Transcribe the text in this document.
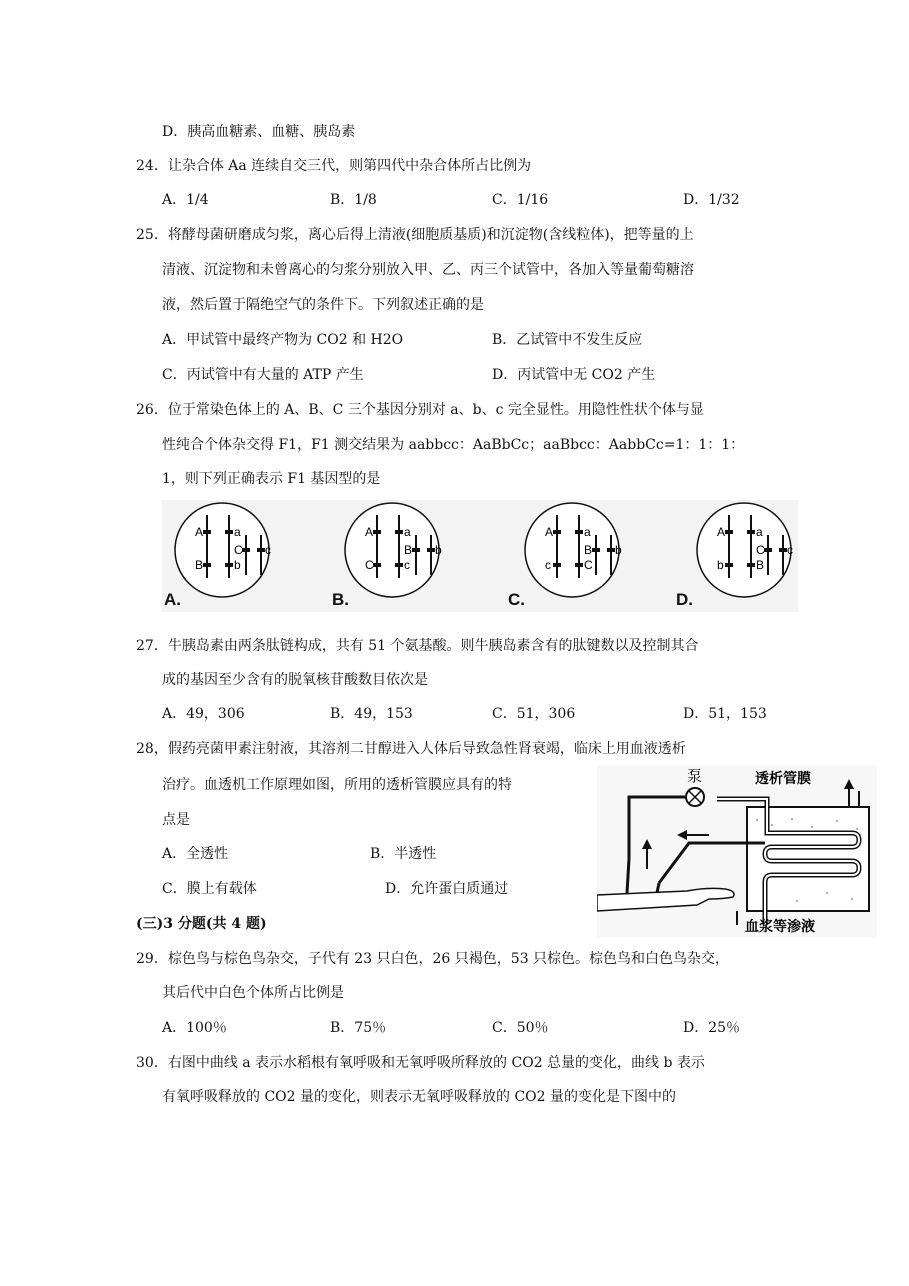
D．胰高血糖素、血糖、胰岛素
24．让杂合体 Aa 连续自交三代，则第四代中杂合体所占比例为
A．1/4	B．1/8	C．1/16	D．1/32
25．将酵母菌研磨成匀浆，离心后得上清液(细胞质基质)和沉淀物(含线粒体)，把等量的上
清液、沉淀物和未曾离心的匀浆分别放入甲、乙、丙三个试管中，各加入等量葡萄糖溶
液，然后置于隔绝空气的条件下。下列叙述正确的是
A．甲试管中最终产物为 CO2 和 H2O	B．乙试管中不发生反应
C．丙试管中有大量的 ATP 产生	D．丙试管中无 CO2 产生
26．位于常染色体上的 A、B、C 三个基因分别对 a、b、c 完全显性。用隐性性状个体与显
性纯合个体杂交得 F1，F1 测交结果为 aabbcc：AaBbCc；aaBbcc：AabbCc=1：1：1：
1，则下列正确表示 F1 基因型的是
A	a
B	b
C c
A	a
C	c
B b
A	a
c	C
B b
A	a
b	B
C c
A.	B.	C.	D.
27．牛胰岛素由两条肽链构成，共有 51 个氨基酸。则牛胰岛素含有的肽键数以及控制其合
成的基因至少含有的脱氧核苷酸数目依次是
A．49，306	B．49，153	C．51，306	D．51，153
28，假药亮菌甲素注射液，其溶剂二甘醇进入人体后导致急性肾衰竭，临床上用血液透析
治疗。血透机工作原理如图，所用的透析管膜应具有的特
点是
A．全透性	B．半透性
C．膜上有载体	D．允许蛋白质通过
泵	透析管膜
血浆等渗液
(三)3 分题(共 4 题)
29．棕色鸟与棕色鸟杂交，子代有 23 只白色，26 只褐色，53 只棕色。棕色鸟和白色鸟杂交，
其后代中白色个体所占比例是
A．100％	B．75％	C．50％	D．25％
30．右图中曲线 a 表示水稻根有氧呼吸和无氧呼吸所释放的 CO2 总量的变化，曲线 b 表示
有氧呼吸释放的 CO2 量的变化，则表示无氧呼吸释放的 CO2 量的变化是下图中的
